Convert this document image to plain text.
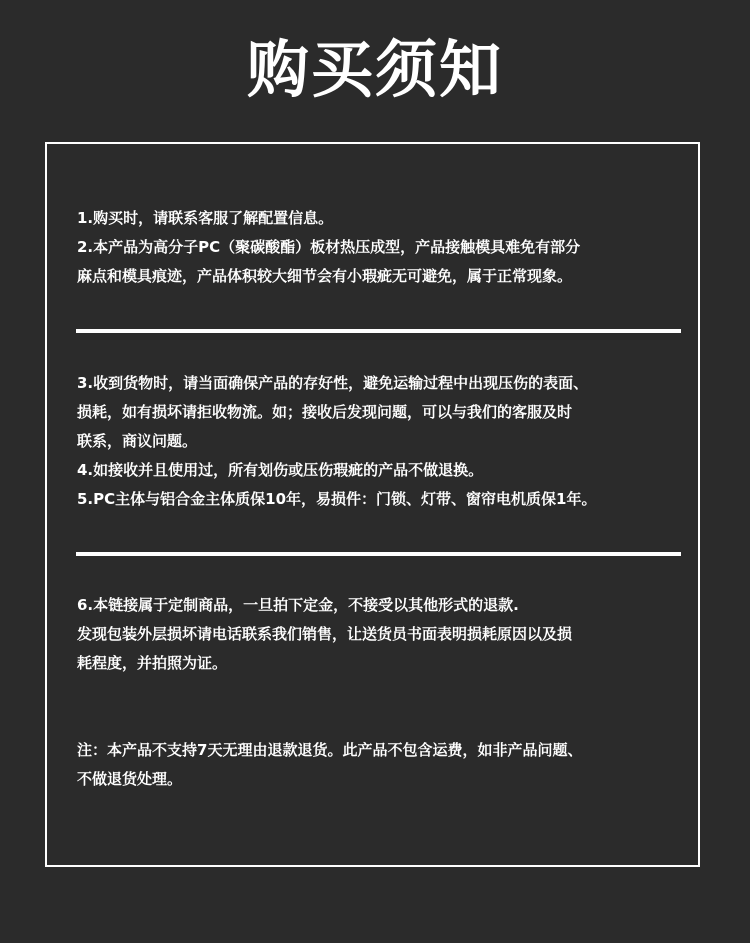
购买须知

1.购买时，请联系客服了解配置信息。

2.本产品为高分子PC（聚碳酸酯）板材热压成型，产品接触模具难免有部分

麻点和模具痕迹，产品体积较大细节会有小瑕疵无可避免，属于正常现象。

3.收到货物时，请当面确保产品的存好性，避免运输过程中出现压伤的表面、

损耗，如有损坏请拒收物流。如；接收后发现问题，可以与我们的客服及时

联系，商议问题。

4.如接收并且使用过，所有划伤或压伤瑕疵的产品不做退换。

5.PC主体与铝合金主体质保10年，易损件：门锁、灯带、窗帘电机质保1年。

6.本链接属于定制商品，一旦拍下定金，不接受以其他形式的退款.

发现包装外层损坏请电话联系我们销售，让送货员书面表明损耗原因以及损

耗程度，并拍照为证。

注：本产品不支持7天无理由退款退货。此产品不包含运费，如非产品问题、

不做退货处理。
